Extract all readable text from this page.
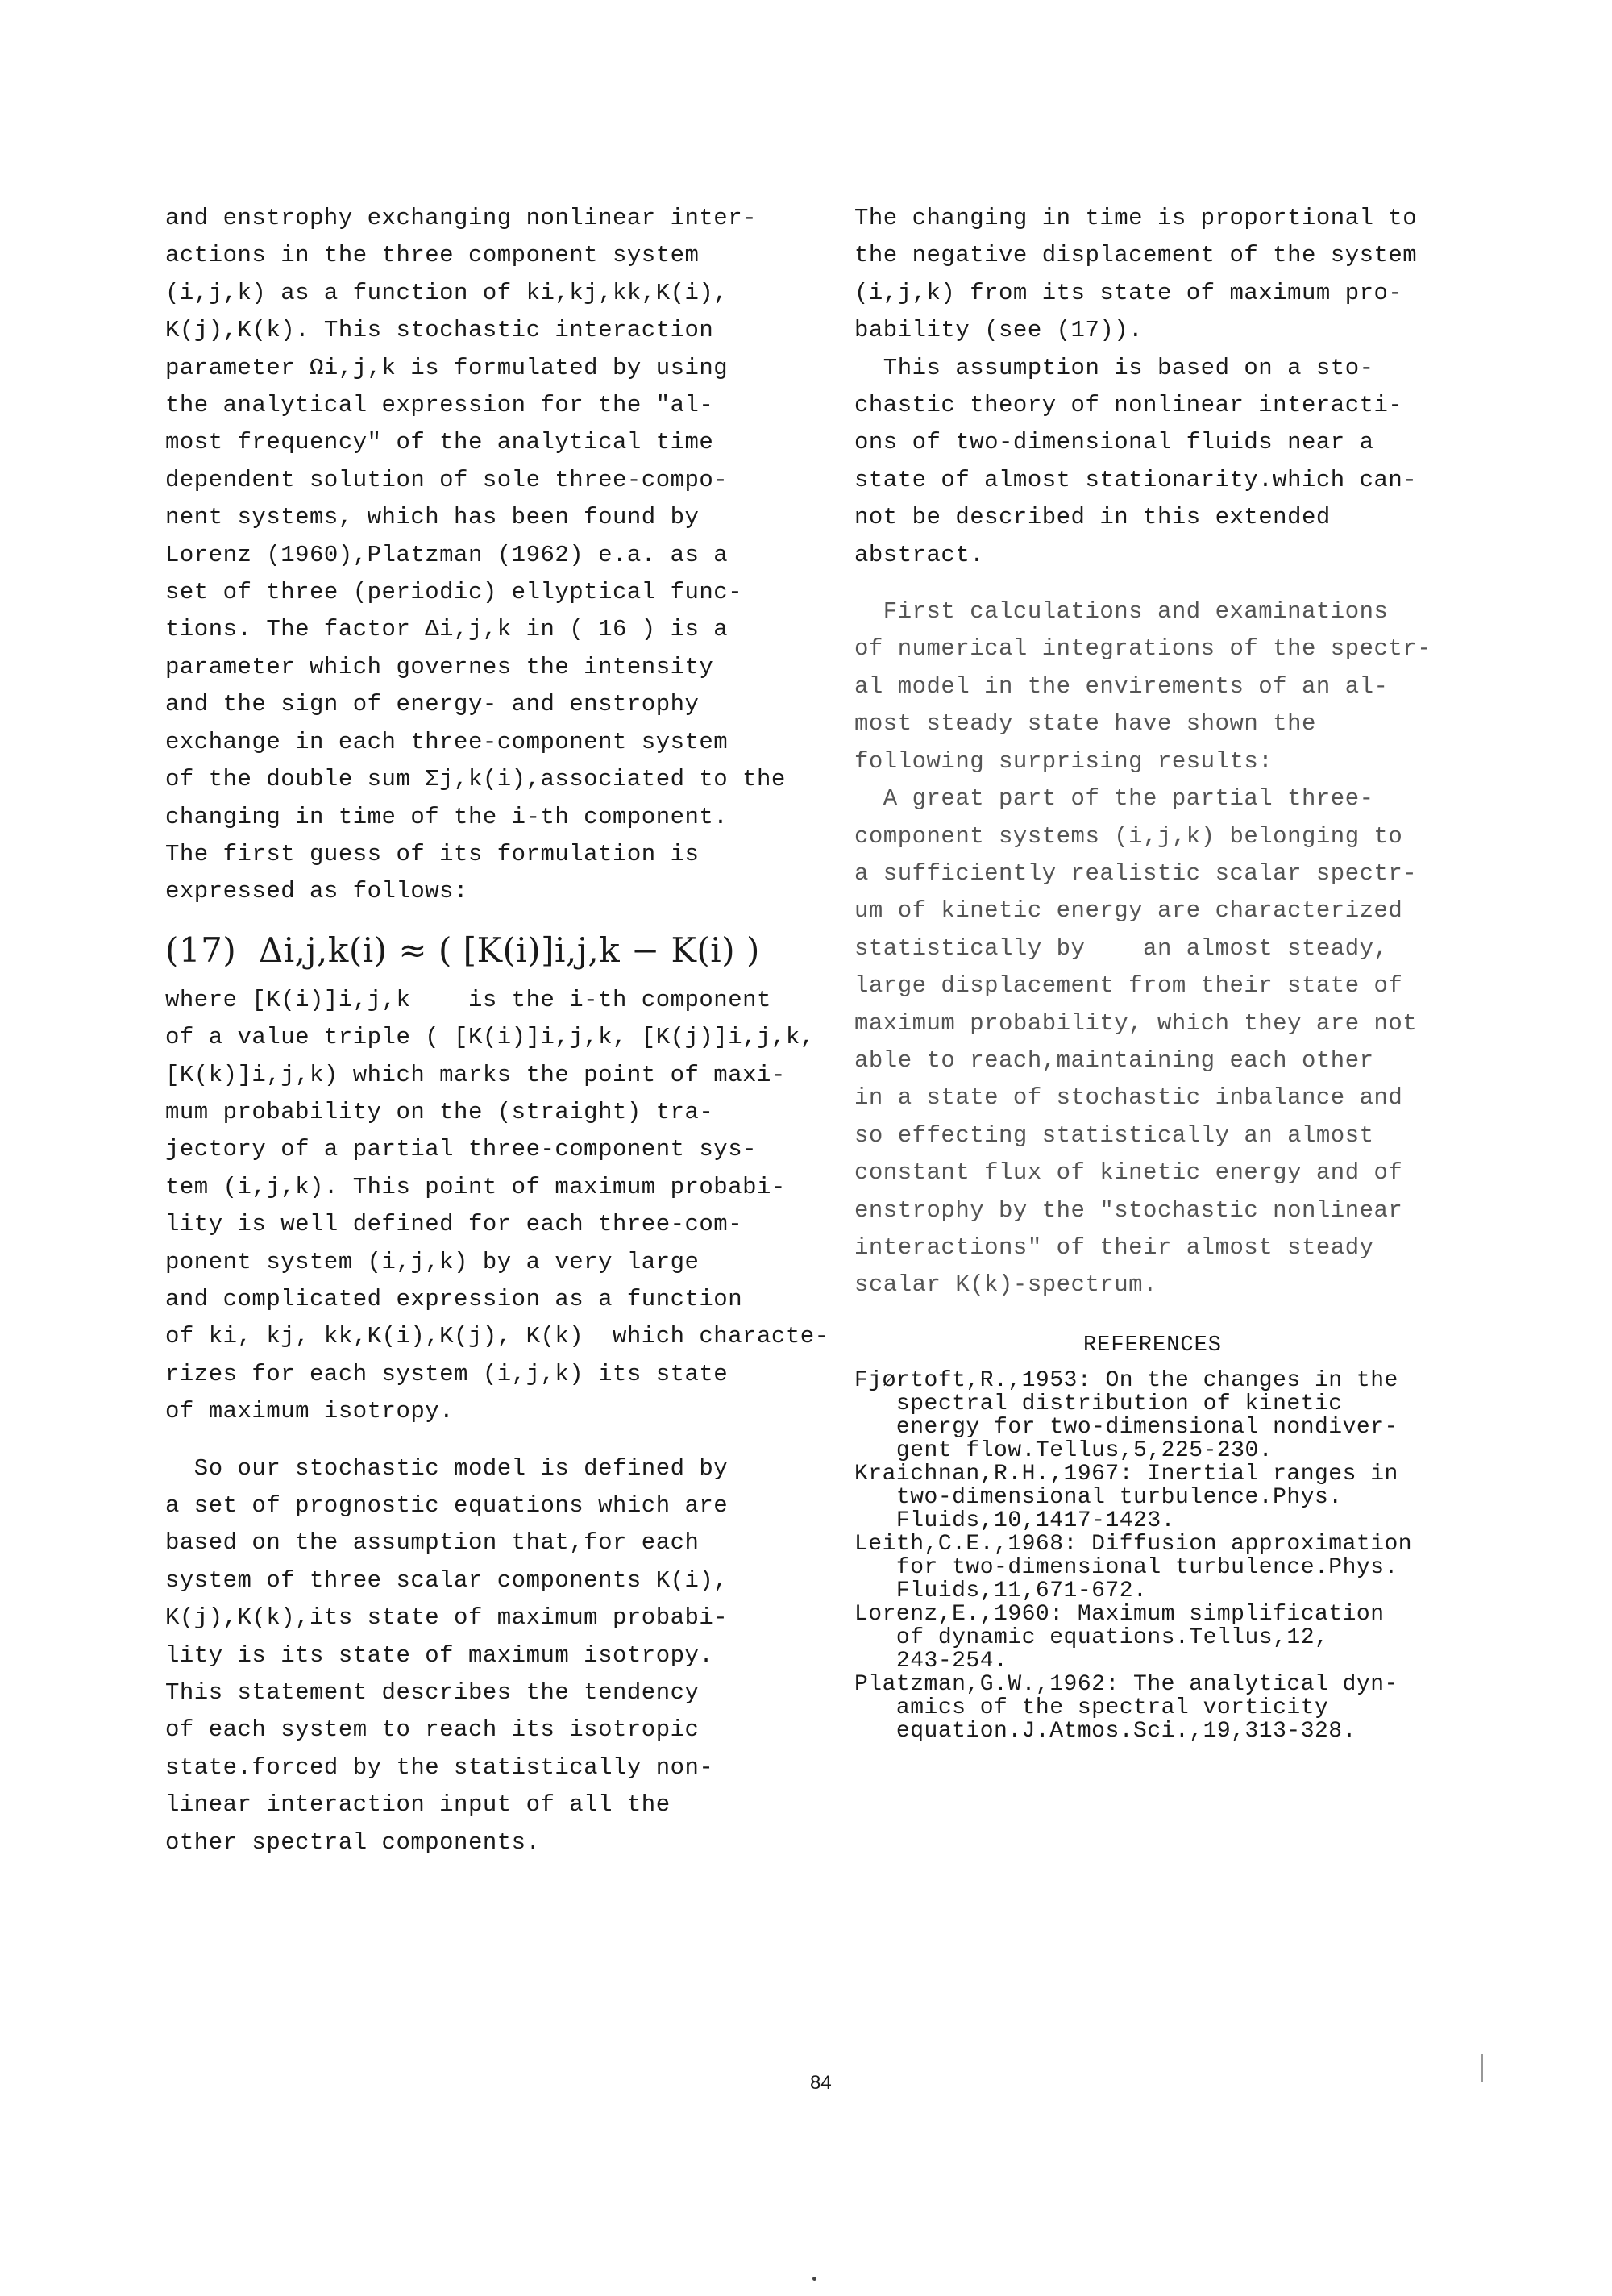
and enstrophy exchanging nonlinear inter-
actions in the three component system
(i,j,k) as a function of ki,kj,kk,K(i),
K(j),K(k). This stochastic interaction
parameter Ωi,j,k is formulated by using
the analytical expression for the "al-
most frequency" of the analytical time
dependent solution of sole three-compo-
nent systems, which has been found by
Lorenz (1960),Platzman (1962) e.a. as a
set of three (periodic) ellyptical func-
tions. The factor Δi,j,k in ( 16 ) is a
parameter which governes the intensity
and the sign of energy- and enstrophy
exchange in each three-component system
of the double sum Σj,k(i),associated to the
changing in time of the i-th component.
The first guess of its formulation is
expressed as follows:
(17)  Δi,j,k(i) ≈ ( [K(i)]i,j,k − K(i) )
where [K(i)]i,j,k    is the i-th component
of a value triple ( [K(i)]i,j,k, [K(j)]i,j,k,
[K(k)]i,j,k) which marks the point of maxi-
mum probability on the (straight) tra-
jectory of a partial three-component sys-
tem (i,j,k). This point of maximum probabi-
lity is well defined for each three-com-
ponent system (i,j,k) by a very large
and complicated expression as a function
of ki, kj, kk,K(i),K(j), K(k)  which characte-
rizes for each system (i,j,k) its state
of maximum isotropy.
So our stochastic model is defined by
a set of prognostic equations which are
based on the assumption that,for each
system of three scalar components K(i),
K(j),K(k),its state of maximum probabi-
lity is its state of maximum isotropy.
This statement describes the tendency
of each system to reach its isotropic
state.forced by the statistically non-
linear interaction input of all the
other spectral components.
The changing in time is proportional to
the negative displacement of the system
(i,j,k) from its state of maximum pro-
bability (see (17)).
This assumption is based on a sto-
chastic theory of nonlinear interacti-
ons of two-dimensional fluids near a
state of almost stationarity.which can-
not be described in this extended
abstract.
First calculations and examinations
of numerical integrations of the spectr-
al model in the envirements of an al-
most steady state have shown the
following surprising results:
A great part of the partial three-
component systems (i,j,k) belonging to
a sufficiently realistic scalar spectr-
um of kinetic energy are characterized
statistically by    an almost steady,
large displacement from their state of
maximum probability, which they are not
able to reach,maintaining each other
in a state of stochastic inbalance and
so effecting statistically an almost
constant flux of kinetic energy and of
enstrophy by the "stochastic nonlinear
interactions" of their almost steady
scalar K(k)-spectrum.
REFERENCES
Fjørtoft,R.,1953: On the changes in the
spectral distribution of kinetic
energy for two-dimensional nondiver-
gent flow.Tellus,5,225-230.
Kraichnan,R.H.,1967: Inertial ranges in
two-dimensional turbulence.Phys.
Fluids,10,1417-1423.
Leith,C.E.,1968: Diffusion approximation
for two-dimensional turbulence.Phys.
Fluids,11,671-672.
Lorenz,E.,1960: Maximum simplification
of dynamic equations.Tellus,12,
243-254.
Platzman,G.W.,1962: The analytical dyn-
amics of the spectral vorticity
equation.J.Atmos.Sci.,19,313-328.
84
